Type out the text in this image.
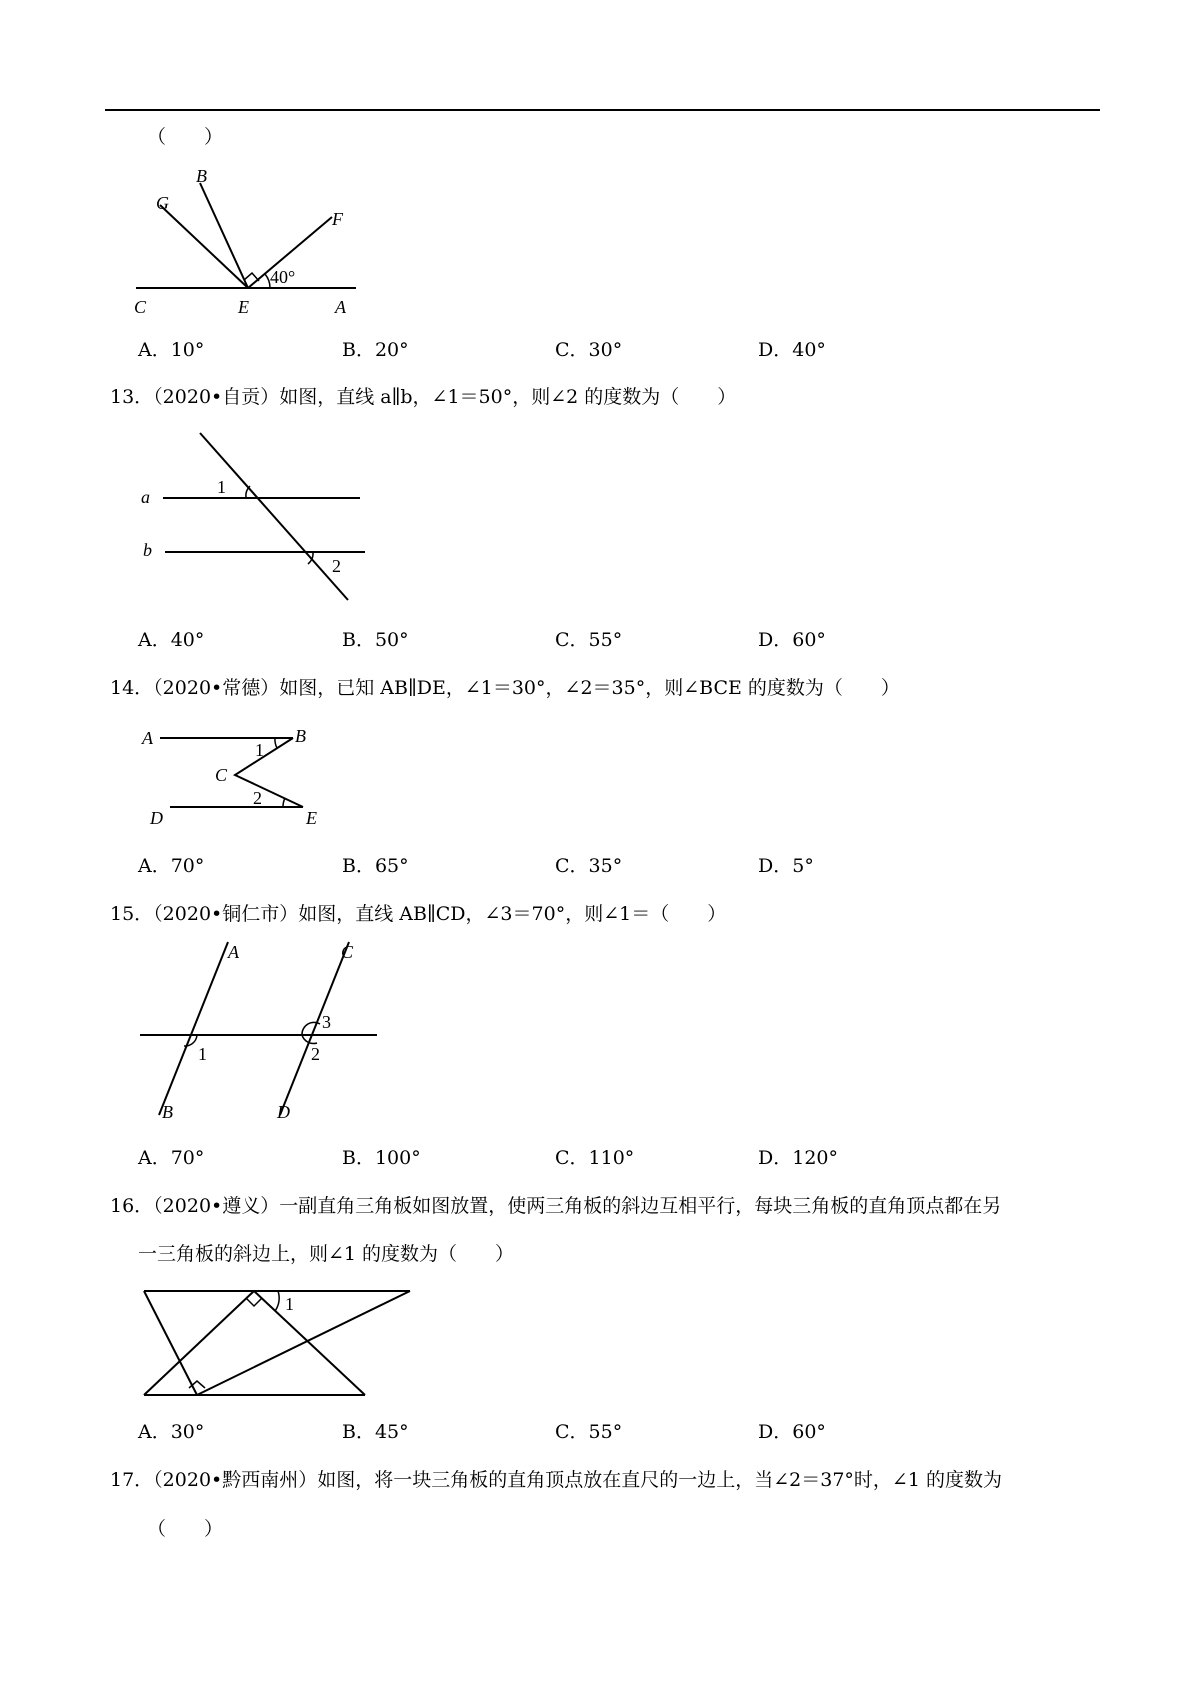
（　　）
G
B
F
C	E	A
40°
A．10°	B．20°	C．30°	D．40°
13．（2020•自贡）如图，直线 a∥b，∠1＝50°，则∠2 的度数为（　　）
a
b
1
2
A．40°	B．50°	C．55°	D．60°
14．（2020•常德）如图，已知 AB∥DE，∠1＝30°，∠2＝35°，则∠BCE 的度数为（　　）
A	B
C
D	E
1
2
A．70°	B．65°	C．35°	D．5°
15．（2020•铜仁市）如图，直线 AB∥CD，∠3＝70°，则∠1＝（　　）
A
B
C
D
1	2
3
A．70°	B．100°	C．110°	D．120°
16．（2020•遵义）一副直角三角板如图放置，使两三角板的斜边互相平行，每块三角板的直角顶点都在另
一三角板的斜边上，则∠1 的度数为（　　）
1
A．30°	B．45°	C．55°	D．60°
17．（2020•黔西南州）如图，将一块三角板的直角顶点放在直尺的一边上，当∠2＝37°时，∠1 的度数为
（　　）
